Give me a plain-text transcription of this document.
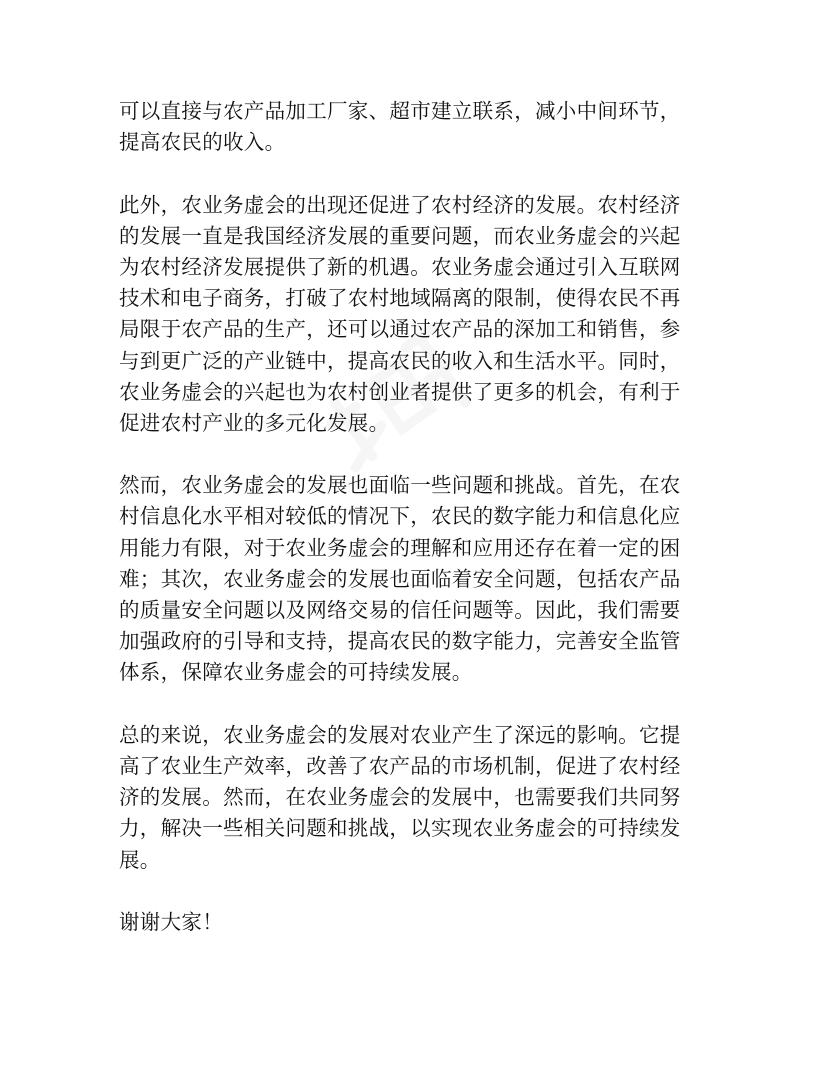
可以直接与农产品加工厂家、超市建立联系，减小中间环节，
提高农民的收入。
此外，农业务虚会的出现还促进了农村经济的发展。农村经济
的发展一直是我国经济发展的重要问题，而农业务虚会的兴起
为农村经济发展提供了新的机遇。农业务虚会通过引入互联网
技术和电子商务，打破了农村地域隔离的限制，使得农民不再
局限于农产品的生产，还可以通过农产品的深加工和销售，参
与到更广泛的产业链中，提高农民的收入和生活水平。同时，
农业务虚会的兴起也为农村创业者提供了更多的机会，有利于
促进农村产业的多元化发展。
然而，农业务虚会的发展也面临一些问题和挑战。首先，在农
村信息化水平相对较低的情况下，农民的数字能力和信息化应
用能力有限，对于农业务虚会的理解和应用还存在着一定的困
难；其次，农业务虚会的发展也面临着安全问题，包括农产品
的质量安全问题以及网络交易的信任问题等。因此，我们需要
加强政府的引导和支持，提高农民的数字能力，完善安全监管
体系，保障农业务虚会的可持续发展。
总的来说，农业务虚会的发展对农业产生了深远的影响。它提
高了农业生产效率，改善了农产品的市场机制，促进了农村经
济的发展。然而，在农业务虚会的发展中，也需要我们共同努
力，解决一些相关问题和挑战，以实现农业务虚会的可持续发
展。
谢谢大家！
